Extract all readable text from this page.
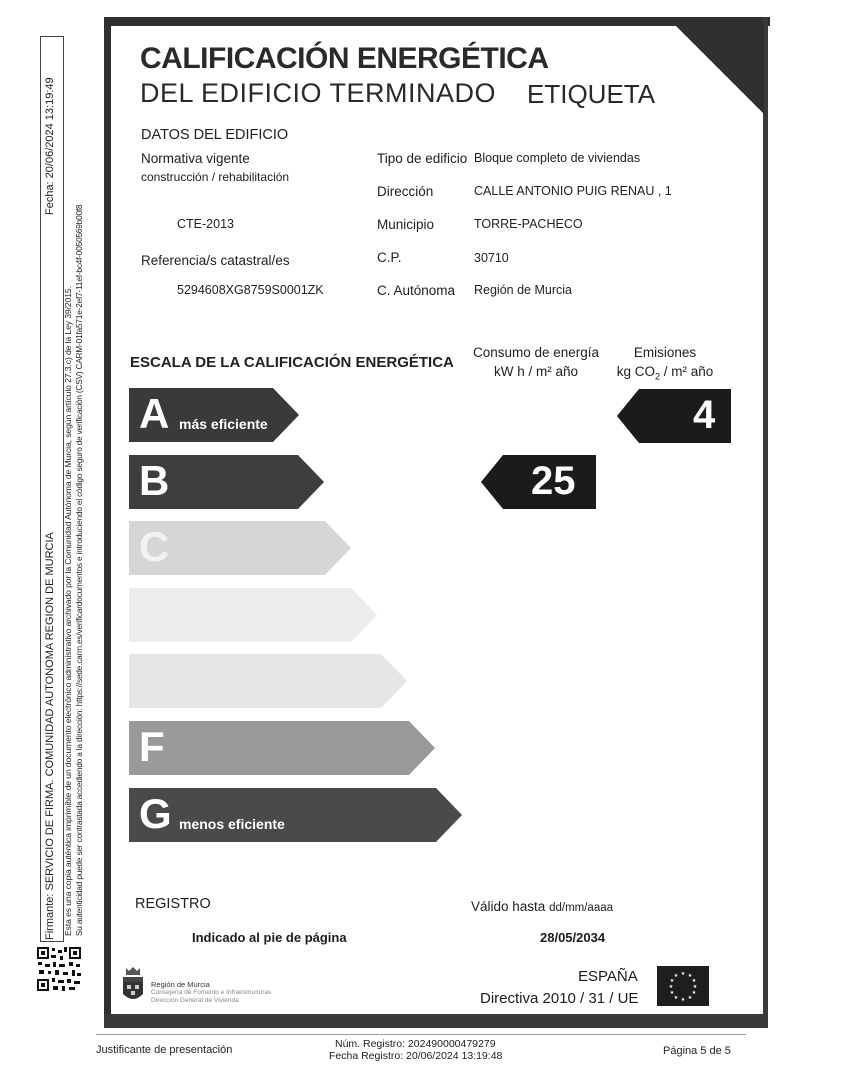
Firmante: SERVICIO DE FIRMA. COMUNIDAD AUTONOMA REGION DE MURCIA
Fecha: 20/06/2024 13:19:49
Esta es una copia auténtica imprimible de un documento electrónico administrativo archivado por la Comunidad Autónoma de Murcia, según artículo 27.3.c) de la Ley 39/2015. Su autenticidad puede ser contrastada accediendo a la dirección: https://sede.carm.es/verificardocumentos e introduciendo el código seguro de verificación (CSV) CARM-01fa571e-2ef7-11ef-bc4f-0050569b00f8
CALIFICACIÓN ENERGÉTICA
DEL EDIFICIO TERMINADO ETIQUETA
DATOS DEL EDIFICIO
Normativa vigente
construcción / rehabilitación
CTE-2013
Referencia/s catastral/es
5294608XG8759S0001ZK
Tipo de edificio Bloque completo de viviendas
Dirección	CALLE ANTONIO PUIG RENAU , 1
Municipio	TORRE-PACHECO
C.P.	30710
C. Autónoma Región de Murcia
ESCALA DE LA CALIFICACIÓN ENERGÉTICA
Consumo de energía
kW h / m² año
Emisiones
kg $CO_2 / m^2$ año
A más eficiente
B
C
F
G menos eficiente
25
4
REGISTRO
Indicado al pie de página
Válido hasta dd/mm/aaaa
28/05/2034
Región de Murcia
Consejería de Fomento e Infraestructuras
Dirección General de Vivienda
ESPAÑA
Directiva 2010 / 31 / UE
★ ★
★
★
★
★
★
★
★
★
★
★
Justificante de presentación	Núm. Registro: 202490000479279
Fecha Registro: 20/06/2024 13:19:48	Página 5 de 5
